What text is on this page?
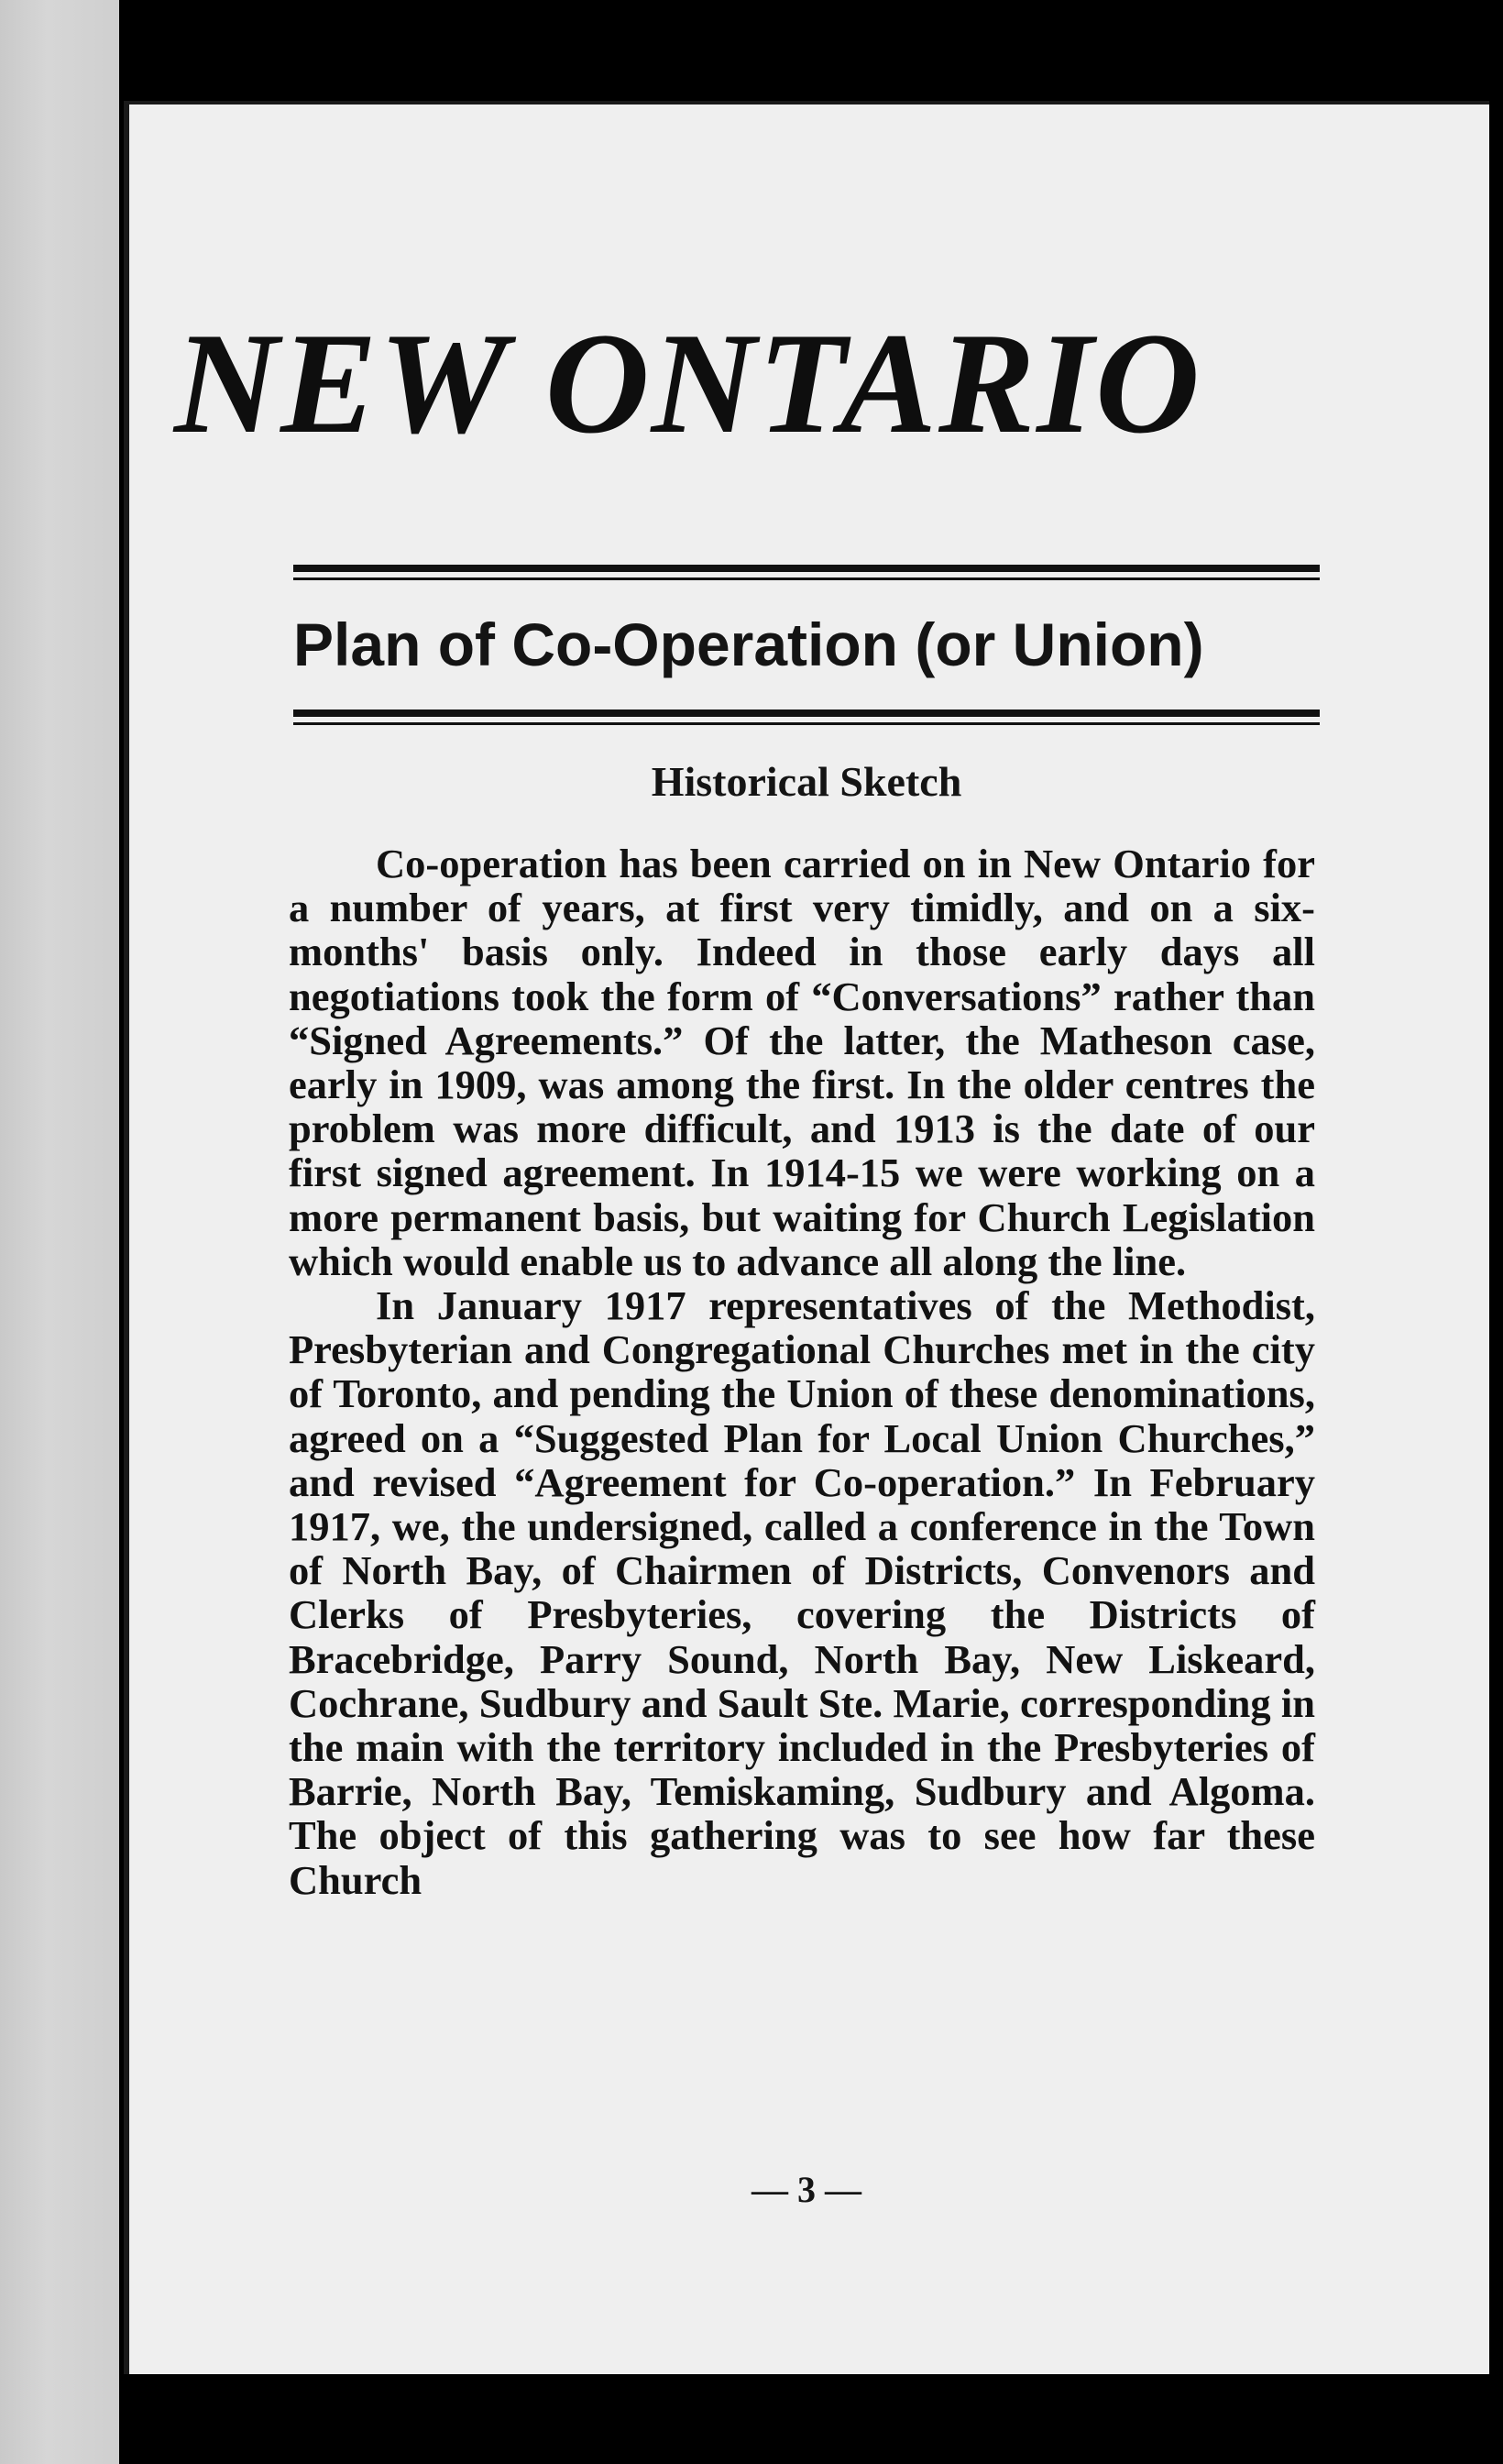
NEW ONTARIO
Plan of Co-Operation (or Union)
Historical Sketch

Co-operation has been carried on in New Ontario for a number of years, at first very timidly, and on a six-months' basis only. Indeed in those early days all negotiations took the form of “Conversations” rather than “Signed Agreements.” Of the latter, the Matheson case, early in 1909, was among the first. In the older centres the problem was more difficult, and 1913 is the date of our first signed agreement. In 1914-15 we were working on a more permanent basis, but waiting for Church Legislation which would enable us to advance all along the line.

In January 1917 representatives of the Methodist, Presbyterian and Congregational Churches met in the city of Toronto, and pending the Union of these denominations, agreed on a “Suggested Plan for Local Union Churches,” and revised “Agreement for Co-operation.” In February 1917, we, the undersigned, called a conference in the Town of North Bay, of Chairmen of Districts, Convenors and Clerks of Presbyteries, covering the Districts of Bracebridge, Parry Sound, North Bay, New Liskeard, Cochrane, Sudbury and Sault Ste. Marie, corresponding in the main with the territory included in the Presbyteries of Barrie, North Bay, Temiskaming, Sudbury and Algoma. The object of this gathering was to see how far these Church

— 3 —
